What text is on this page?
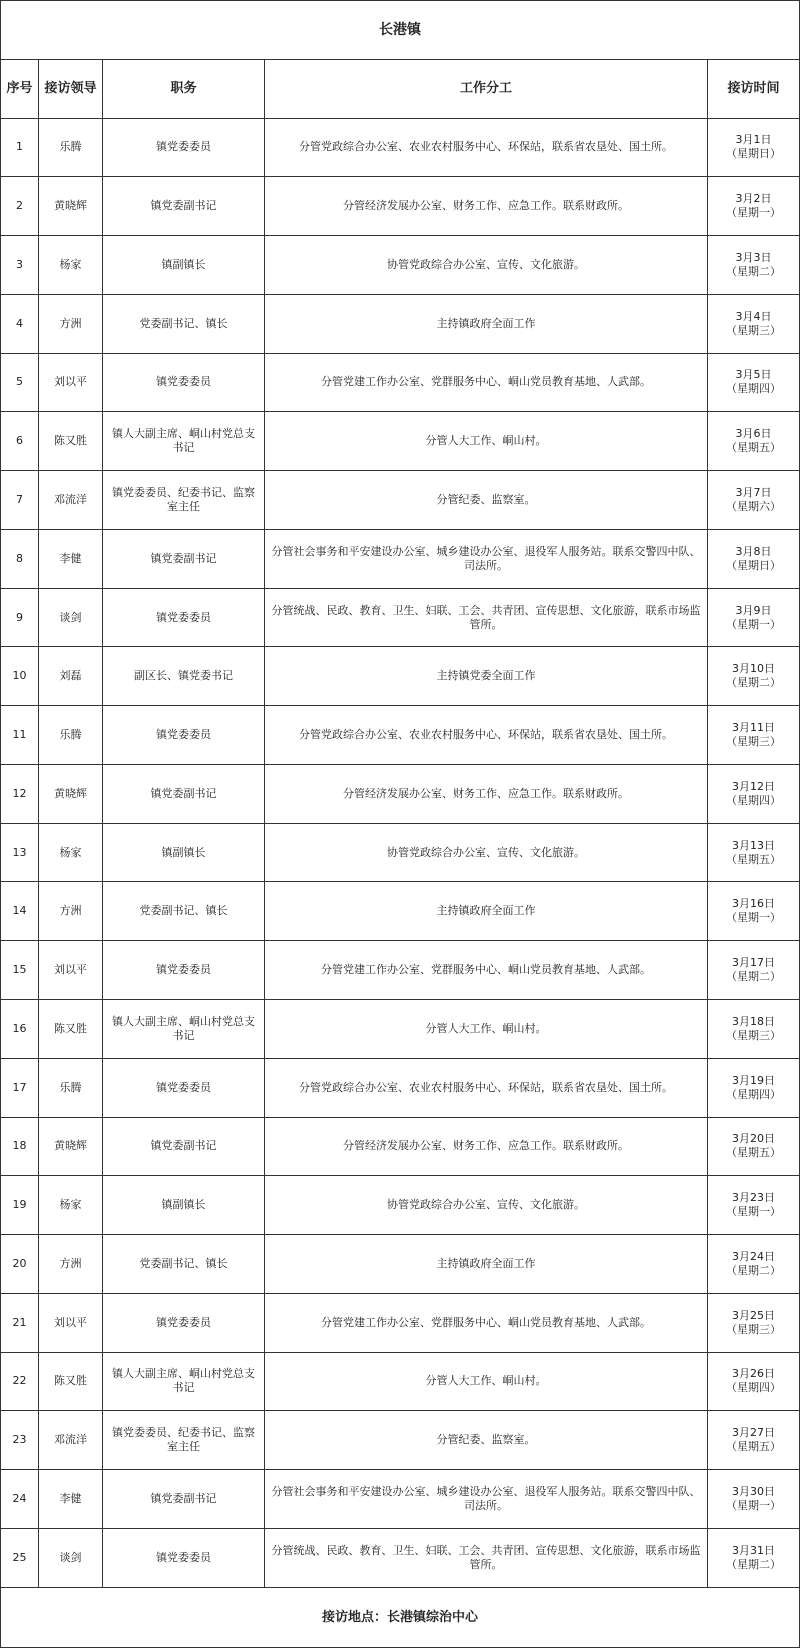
长港镇				
序号	接访领导	职务	工作分工	接访时间
1	乐腾	镇党委委员	分管党政综合办公室、农业农村服务中心、环保站，联系省农垦处、国土所。	3月1日
（星期日）

2	黄晓辉	镇党委副书记	分管经济发展办公室、财务工作、应急工作。联系财政所。	3月2日
（星期一）

3	杨家	镇副镇长	协管党政综合办公室、宣传、文化旅游。	3月3日
（星期二）

4	方洲	党委副书记、镇长	主持镇政府全面工作	3月4日
（星期三）

5	刘以平	镇党委委员	分管党建工作办公室、党群服务中心、峒山党员教育基地、人武部。	3月5日
（星期四）

6	陈又胜	镇人大副主席、峒山村党总支书记	分管人大工作、峒山村。	3月6日
（星期五）

7	邓流洋	镇党委委员、纪委书记、监察室主任	分管纪委、监察室。	3月7日
（星期六）

8	李健	镇党委副书记	分管社会事务和平安建设办公室、城乡建设办公室、退役军人服务站。联系交警四中队、司法所。	3月8日
（星期日）

9	谈剑	镇党委委员	分管统战、民政、教育、卫生、妇联、工会、共青团、宣传思想、文化旅游，联系市场监管所。	3月9日
（星期一）

10	刘磊	副区长、镇党委书记	主持镇党委全面工作	3月10日
（星期二）

11	乐腾	镇党委委员	分管党政综合办公室、农业农村服务中心、环保站，联系省农垦处、国土所。	3月11日
（星期三）

12	黄晓辉	镇党委副书记	分管经济发展办公室、财务工作、应急工作。联系财政所。	3月12日
（星期四）

13	杨家	镇副镇长	协管党政综合办公室、宣传、文化旅游。	3月13日
（星期五）

14	方洲	党委副书记、镇长	主持镇政府全面工作	3月16日
（星期一）

15	刘以平	镇党委委员	分管党建工作办公室、党群服务中心、峒山党员教育基地、人武部。	3月17日
（星期二）

16	陈又胜	镇人大副主席、峒山村党总支书记	分管人大工作、峒山村。	3月18日
（星期三）

17	乐腾	镇党委委员	分管党政综合办公室、农业农村服务中心、环保站，联系省农垦处、国土所。	3月19日
（星期四）

18	黄晓辉	镇党委副书记	分管经济发展办公室、财务工作、应急工作。联系财政所。	3月20日
（星期五）

19	杨家	镇副镇长	协管党政综合办公室、宣传、文化旅游。	3月23日
（星期一）

20	方洲	党委副书记、镇长	主持镇政府全面工作	3月24日
（星期二）

21	刘以平	镇党委委员	分管党建工作办公室、党群服务中心、峒山党员教育基地、人武部。	3月25日
（星期三）

22	陈又胜	镇人大副主席、峒山村党总支书记	分管人大工作、峒山村。	3月26日
（星期四）

23	邓流洋	镇党委委员、纪委书记、监察室主任	分管纪委、监察室。	3月27日
（星期五）

24	李健	镇党委副书记	分管社会事务和平安建设办公室、城乡建设办公室、退役军人服务站。联系交警四中队、司法所。	3月30日
（星期一）

25	谈剑	镇党委委员	分管统战、民政、教育、卫生、妇联、工会、共青团、宣传思想、文化旅游，联系市场监管所。	3月31日
（星期二）

接访地点：长港镇综治中心				
